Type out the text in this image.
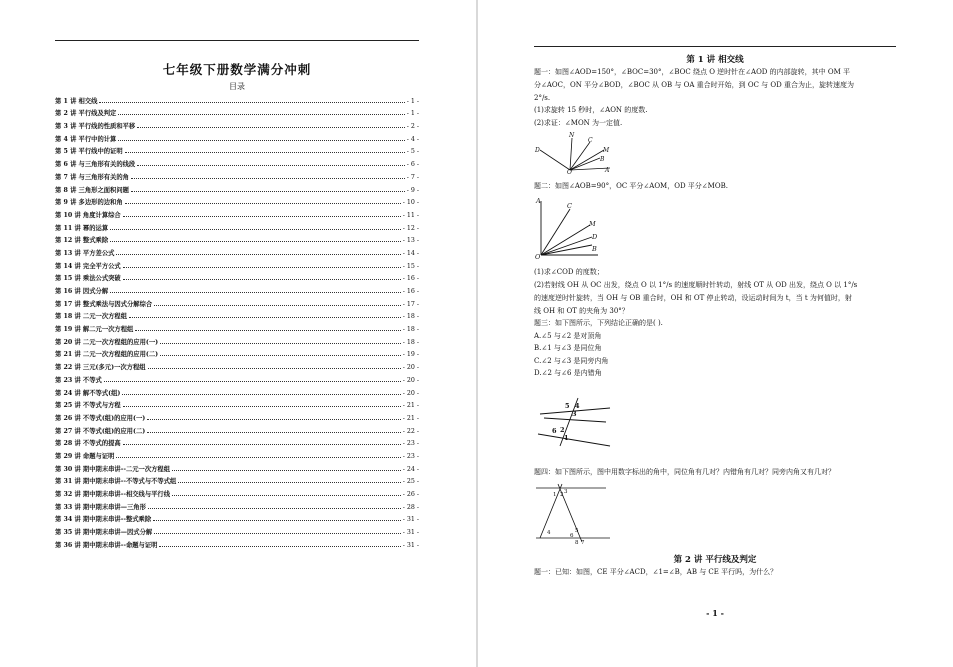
七年级下册数学满分冲刺
目录
第 1 讲 相交线	- 1 -
第 2 讲 平行线及判定	- 1 -
第 3 讲 平行线的性质和平移	- 2 -
第 4 讲 平行中的计算	- 4 -
第 5 讲 平行线中的证明	- 5 -
第 6 讲 与三角形有关的线段	- 6 -
第 7 讲 与三角形有关的角	- 7 -
第 8 讲 三角形之面积问题	- 9 -
第 9 讲 多边形的边和角	- 10 -
第 10 讲 角度计算综合	- 11 -
第 11 讲 幂的运算	- 12 -
第 12 讲 整式乘除	- 13 -
第 13 讲 平方差公式	- 14 -
第 14 讲 完全平方公式	- 15 -
第 15 讲 乘法公式突破	- 16 -
第 16 讲 因式分解	- 16 -
第 17 讲 整式乘法与因式分解综合	- 17 -
第 18 讲 二元一次方程组	- 18 -
第 19 讲 解二元一次方程组	- 18 -
第 20 讲 二元一次方程组的应用(一)	- 18 -
第 21 讲 二元一次方程组的应用(二)	- 19 -
第 22 讲 三元(多元)一次方程组	- 20 -
第 23 讲 不等式	- 20 -
第 24 讲 解不等式(组)	- 20 -
第 25 讲 不等式与方程	- 21 -
第 26 讲 不等式(组)的应用(一)	- 21 -
第 27 讲 不等式(组)的应用(二)	- 22 -
第 28 讲 不等式的提高	- 23 -
第 29 讲 命题与证明	- 23 -
第 30 讲 期中期末串讲--二元一次方程组	- 24 -
第 31 讲 期中期末串讲--不等式与不等式组	- 25 -
第 32 讲 期中期末串讲--相交线与平行线	- 26 -
第 33 讲 期中期末串讲—三角形	- 28 -
第 34 讲 期中期末串讲--整式乘除	- 31 -
第 35 讲 期中期末串讲—因式分解	- 31 -
第 36 讲 期中期末串讲--命题与证明	- 31 -
第 1 讲 相交线
题一：如图∠AOD=150°，∠BOC=30°，∠BOC 绕点 O 逆时针在∠AOD 的内部旋转，其中 OM 平
分∠AOC，ON 平分∠BOD，∠BOC 从 OB 与 OA 重合时开始，到 OC 与 OD 重合为止，旋转速度为
2°/s.
(1)求旋转 15 秒时，∠AON 的度数.
(2)求证：∠MON 为一定值.
N
C
M
B
D
O	A
题二：如图∠AOB=90°，OC 平分∠AOM，OD 平分∠MOB.
A
C
M
D
B
O
(1)求∠COD 的度数；
(2)若射线 OH 从 OC 出发，绕点 O 以 1°/s 的速度顺时针转动，射线 OT 从 OD 出发，绕点 O 以 1°/s
的速度逆时针旋转，当 OH 与 OB 重合时，OH 和 OT 停止转动，设运动时间为 t，当 t 为何值时，射
线 OH 和 OT 的夹角为 30°？
题三：如下图所示，下列结论正确的是( ).
A.∠5 与∠2 是对顶角
B.∠1 与∠3 是同位角
C.∠2 与∠3 是同旁内角
D.∠2 与∠6 是内错角
5 4
3
6 2
1
题四：如下图所示，图中用数字标出的角中，同位角有几对？内错角有几对？同旁内角又有几对？
1 2 3
4	5
6
7
8
第 2 讲 平行线及判定
题一：已知：如图，CE 平分∠ACD，∠1=∠B，AB 与 CE 平行吗，为什么？
- 1 -
